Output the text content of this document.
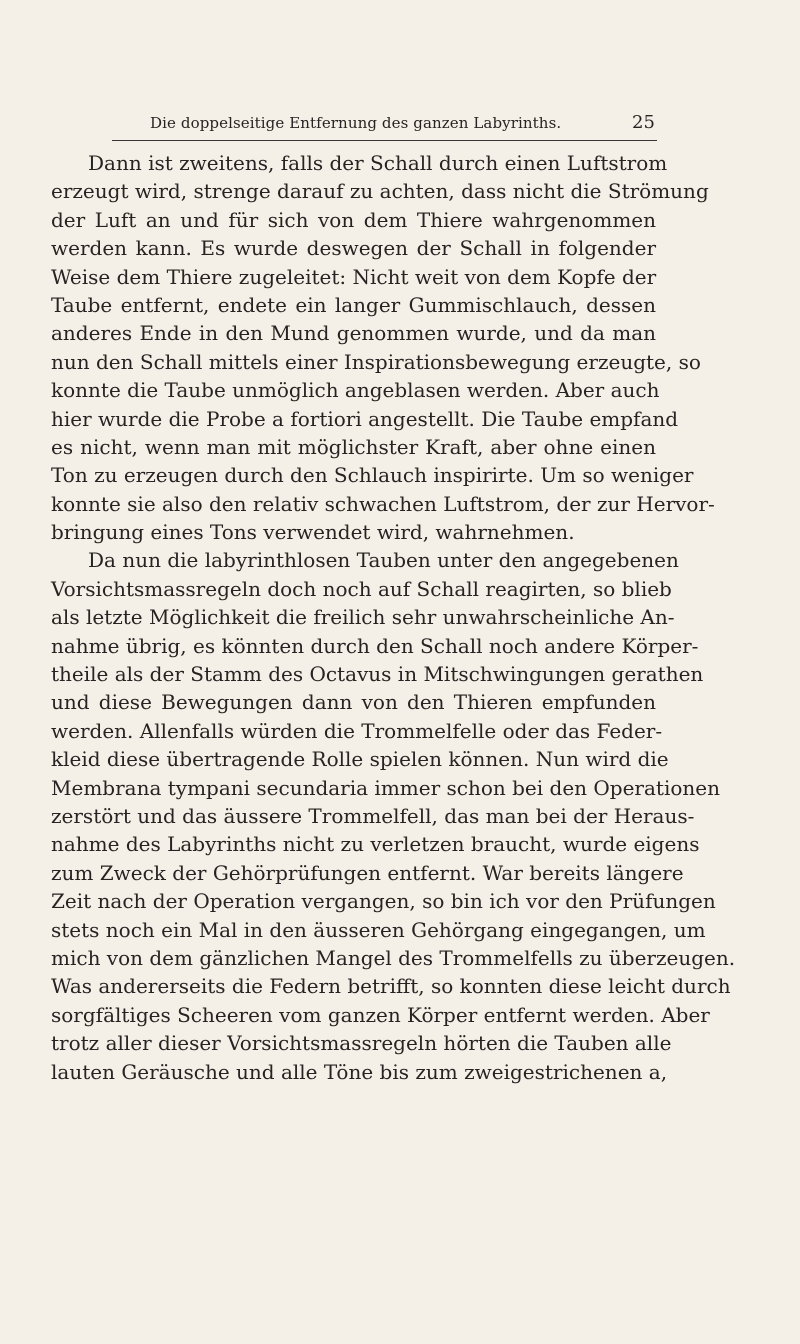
Die doppelseitige Entfernung des ganzen Labyrinths.	25
Dann ist zweitens, falls der Schall durch einen Luftstrom
erzeugt wird, strenge darauf zu achten, dass nicht die Strömung
der Luft an und für sich von dem Thiere wahrgenommen
werden kann. Es wurde deswegen der Schall in folgender
Weise dem Thiere zugeleitet: Nicht weit von dem Kopfe der
Taube entfernt, endete ein langer Gummischlauch, dessen
anderes Ende in den Mund genommen wurde, und da man
nun den Schall mittels einer Inspirationsbewegung erzeugte, so
konnte die Taube unmöglich angeblasen werden. Aber auch
hier wurde die Probe a fortiori angestellt. Die Taube empfand
es nicht, wenn man mit möglichster Kraft, aber ohne einen
Ton zu erzeugen durch den Schlauch inspirirte. Um so weniger
konnte sie also den relativ schwachen Luftstrom, der zur Hervor-
bringung eines Tons verwendet wird, wahrnehmen.
Da nun die labyrinthlosen Tauben unter den angegebenen
Vorsichtsmassregeln doch noch auf Schall reagirten, so blieb
als letzte Möglichkeit die freilich sehr unwahrscheinliche An-
nahme übrig, es könnten durch den Schall noch andere Körper-
theile als der Stamm des Octavus in Mitschwingungen gerathen
und diese Bewegungen dann von den Thieren empfunden
werden. Allenfalls würden die Trommelfelle oder das Feder-
kleid diese übertragende Rolle spielen können. Nun wird die
Membrana tympani secundaria immer schon bei den Operationen
zerstört und das äussere Trommelfell, das man bei der Heraus-
nahme des Labyrinths nicht zu verletzen braucht, wurde eigens
zum Zweck der Gehörprüfungen entfernt. War bereits längere
Zeit nach der Operation vergangen, so bin ich vor den Prüfungen
stets noch ein Mal in den äusseren Gehörgang eingegangen, um
mich von dem gänzlichen Mangel des Trommelfells zu überzeugen.
Was andererseits die Federn betrifft, so konnten diese leicht durch
sorgfältiges Scheeren vom ganzen Körper entfernt werden. Aber
trotz aller dieser Vorsichtsmassregeln hörten die Tauben alle
lauten Geräusche und alle Töne bis zum zweigestrichenen a,
